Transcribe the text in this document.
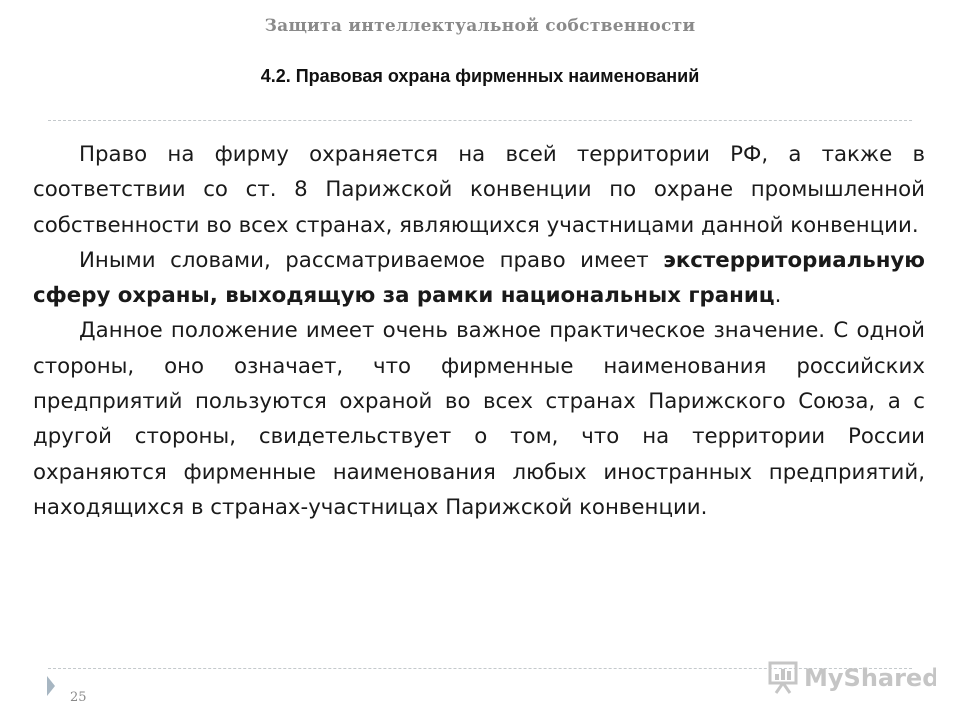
Защита интеллектуальной собственности
4.2. Правовая охрана фирменных наименований

Право на фирму охраняется на всей территории РФ, а также в соответствии со ст. 8 Парижской конвенции по охране промышленной собственности во всех странах, являющихся участницами данной конвенции.

Иными словами, рассматриваемое право имеет экстерриториальную сферу охраны, выходящую за рамки национальных границ.

Данное положение имеет очень важное практическое значение. С одной стороны, оно означает, что фирменные наименования российских предприятий пользуются охраной во всех странах Парижского Союза, а с другой стороны, свидетельствует о том, что на территории России охраняются фирменные наименования любых иностранных предприятий, находящихся в странах-участницах Парижской конвенции.

25
MyShared
